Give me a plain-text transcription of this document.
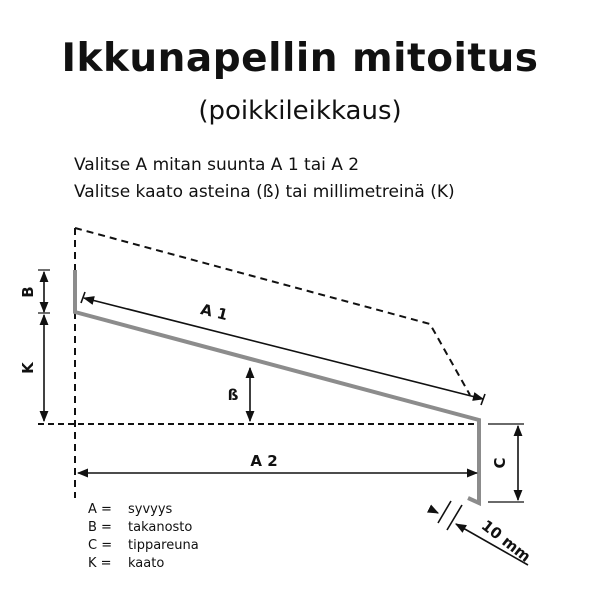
Ikkunapellin mitoitus
(poikkileikkaus)

Valitse A mitan suunta A 1 tai A 2

Valitse kaato asteina (ß) tai millimetreinä (K)

B
K
A 1
ß
A 2	C
10 mm
A =	syvyys
B =	takanosto
C =	tippareuna
K =	kaato
